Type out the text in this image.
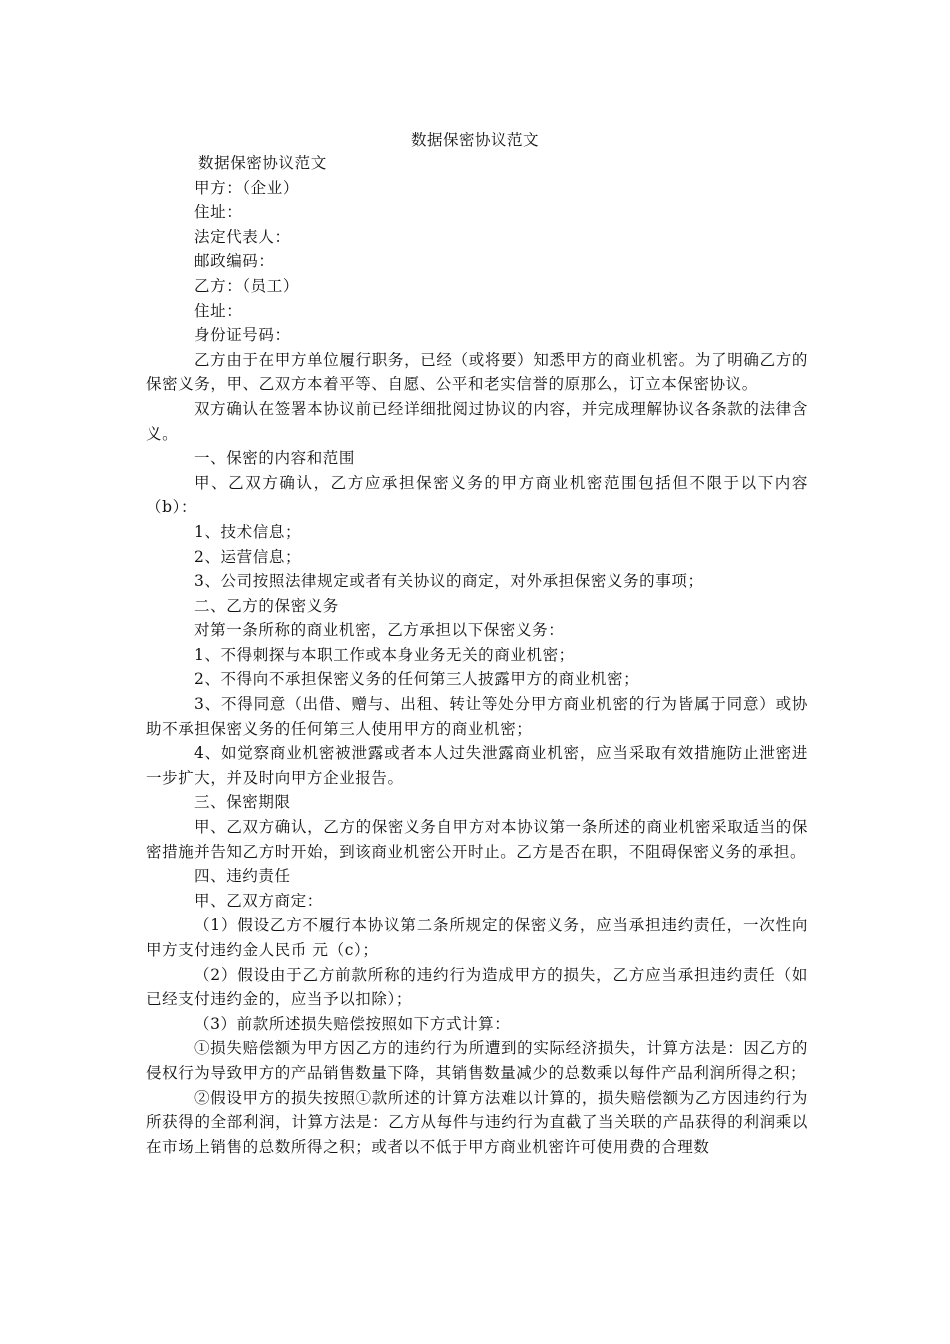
数据保密协议范文

数据保密协议范文

甲方：（企业）

住址：

法定代表人：

邮政编码：

乙方：（员工）

住址：

身份证号码：

乙方由于在甲方单位履行职务，已经（或将要）知悉甲方的商业机密。为了明确乙方的保密义务，甲、乙双方本着平等、自愿、公平和老实信誉的原那么，订立本保密协议。

双方确认在签署本协议前已经详细批阅过协议的内容，并完成理解协议各条款的法律含义。

一、保密的内容和范围

甲、乙双方确认，乙方应承担保密义务的甲方商业机密范围包括但不限于以下内容（b）：

1、技术信息；

2、运营信息；

3、公司按照法律规定或者有关协议的商定，对外承担保密义务的事项；

二、乙方的保密义务

对第一条所称的商业机密，乙方承担以下保密义务：

1、不得刺探与本职工作或本身业务无关的商业机密；

2、不得向不承担保密义务的任何第三人披露甲方的商业机密；

3、不得同意（出借、赠与、出租、转让等处分甲方商业机密的行为皆属于同意）或协助不承担保密义务的任何第三人使用甲方的商业机密；

4、如觉察商业机密被泄露或者本人过失泄露商业机密，应当采取有效措施防止泄密进一步扩大，并及时向甲方企业报告。

三、保密期限

甲、乙双方确认，乙方的保密义务自甲方对本协议第一条所述的商业机密采取适当的保密措施并告知乙方时开始，到该商业机密公开时止。乙方是否在职，不阻碍保密义务的承担。

四、违约责任

甲、乙双方商定：

（1）假设乙方不履行本协议第二条所规定的保密义务，应当承担违约责任，一次性向甲方支付违约金人民币 元（c）；

（2）假设由于乙方前款所称的违约行为造成甲方的损失，乙方应当承担违约责任（如已经支付违约金的，应当予以扣除）；

（3）前款所述损失赔偿按照如下方式计算：

①损失赔偿额为甲方因乙方的违约行为所遭到的实际经济损失，计算方法是：因乙方的侵权行为导致甲方的产品销售数量下降，其销售数量减少的总数乘以每件产品利润所得之积；

②假设甲方的损失按照①款所述的计算方法难以计算的，损失赔偿额为乙方因违约行为所获得的全部利润，计算方法是：乙方从每件与违约行为直截了当关联的产品获得的利润乘以在市场上销售的总数所得之积；或者以不低于甲方商业机密许可使用费的合理数
